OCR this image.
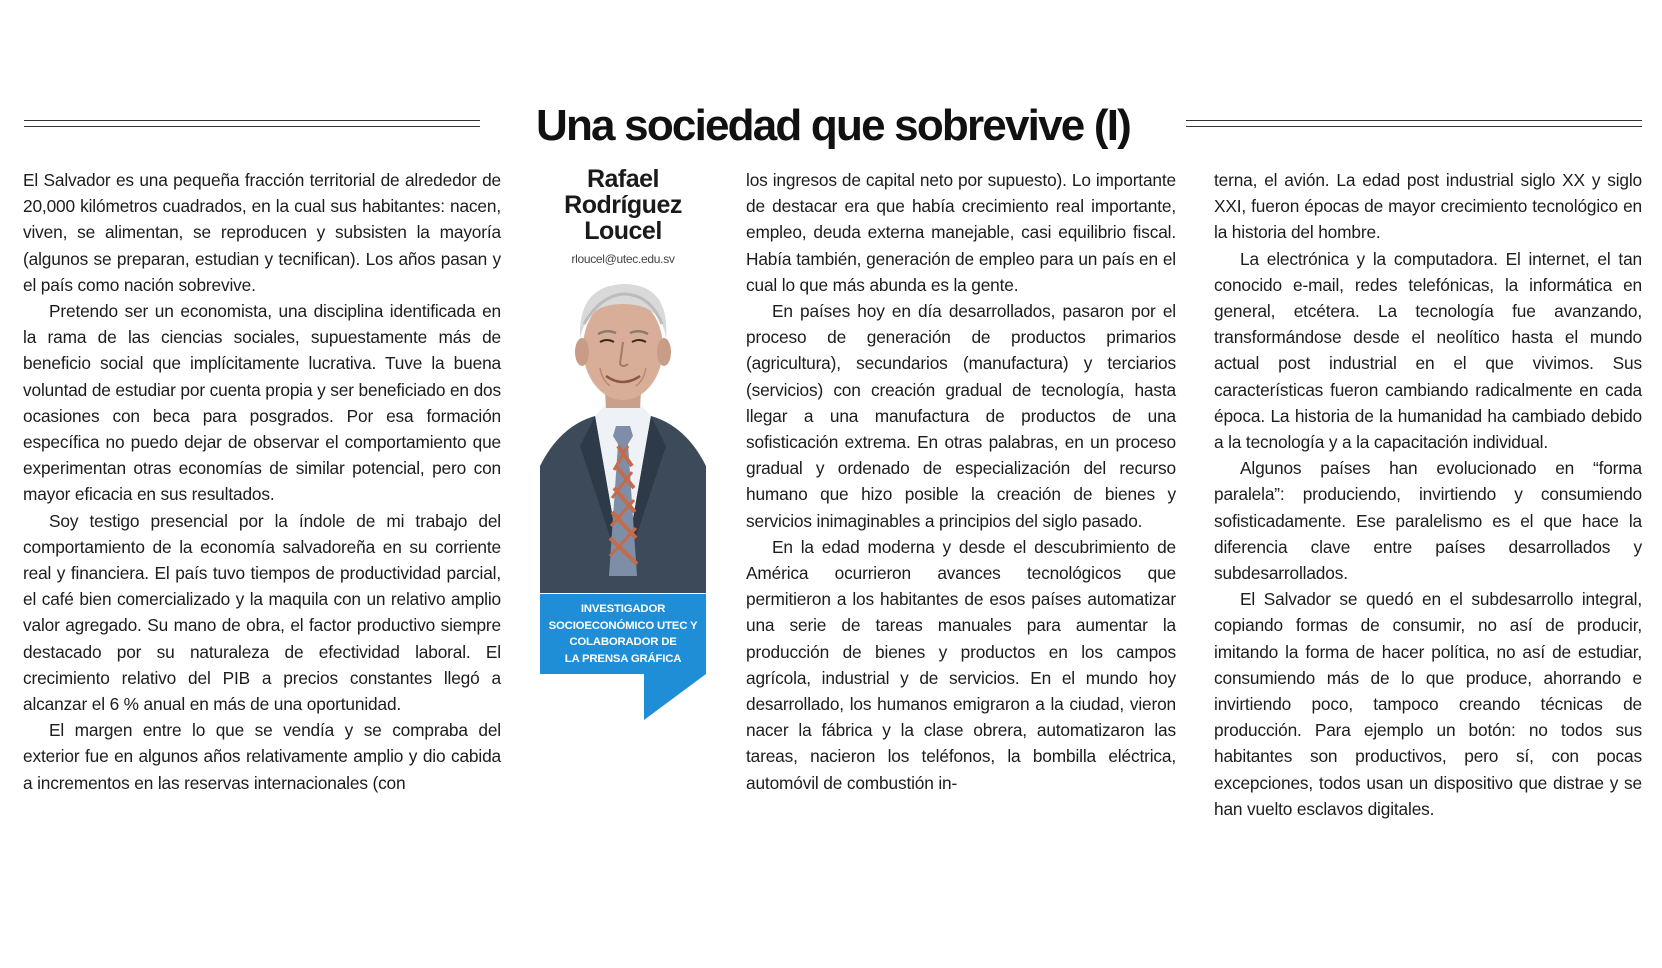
Una sociedad que sobrevive (I)

El Salvador es una pequeña fracción territorial de alrededor de 20,000 kilómetros cuadrados, en la cual sus habitantes: nacen, viven, se alimentan, se reproducen y subsisten la mayoría (algunos se preparan, estudian y tecnifican). Los años pasan y el país como nación sobrevive.

Pretendo ser un economista, una disciplina identificada en la rama de las ciencias sociales, supuestamente más de beneficio social que implícitamente lucrativa. Tuve la buena voluntad de estudiar por cuenta propia y ser beneficiado en dos ocasiones con beca para posgrados. Por esa formación específica no puedo dejar de observar el comportamiento que experimentan otras economías de similar potencial, pero con mayor eficacia en sus resultados.

Soy testigo presencial por la índole de mi trabajo del comportamiento de la economía salvadoreña en su corriente real y financiera. El país tuvo tiempos de productividad parcial, el café bien comercializado y la maquila con un relativo amplio valor agregado. Su mano de obra, el factor productivo siempre destacado por su naturaleza de efectividad laboral. El crecimiento relativo del PIB a precios constantes llegó a alcanzar el 6 % anual en más de una oportunidad.

El margen entre lo que se vendía y se compraba del exterior fue en algunos años relativamente amplio y dio cabida a incrementos en las reservas internacionales (con

Rafael
Rodríguez
Loucel
rloucel@utec.edu.sv
INVESTIGADOR
SOCIOECONÓMICO UTEC Y
COLABORADOR DE
LA PRENSA GRÁFICA

los ingresos de capital neto por supuesto). Lo importante de destacar era que había crecimiento real importante, empleo, deuda externa manejable, casi equilibrio fiscal. Había también, generación de empleo para un país en el cual lo que más abunda es la gente.

En países hoy en día desarrollados, pasaron por el proceso de generación de productos primarios (agricultura), secundarios (manufactura) y terciarios (servicios) con creación gradual de tecnología, hasta llegar a una manufactura de productos de una sofisticación extrema. En otras palabras, en un proceso gradual y ordenado de especialización del recurso humano que hizo posible la creación de bienes y servicios inimaginables a principios del siglo pasado.

En la edad moderna y desde el descubrimiento de América ocurrieron avances tecnológicos que permitieron a los habitantes de esos países automatizar una serie de tareas manuales para aumentar la producción de bienes y productos en los campos agrícola, industrial y de servicios. En el mundo hoy desarrollado, los humanos emigraron a la ciudad, vieron nacer la fábrica y la clase obrera, automatizaron las tareas, nacieron los teléfonos, la bombilla eléctrica, automóvil de combustión in-

terna, el avión. La edad post industrial siglo XX y siglo XXI, fueron épocas de mayor crecimiento tecnológico en la historia del hombre.

La electrónica y la computadora. El internet, el tan conocido e-mail, redes telefónicas, la informática en general, etcétera. La tecnología fue avanzando, transformándose desde el neolítico hasta el mundo actual post industrial en el que vivimos. Sus características fueron cambiando radicalmente en cada época. La historia de la humanidad ha cambiado debido a la tecnología y a la capacitación individual.

Algunos países han evolucionado en “forma paralela”: produciendo, invirtiendo y consumiendo sofisticadamente. Ese paralelismo es el que hace la diferencia clave entre países desarrollados y subdesarrollados.

El Salvador se quedó en el subdesarrollo integral, copiando formas de consumir, no así de producir, imitando la forma de hacer política, no así de estudiar, consumiendo más de lo que produce, ahorrando e invirtiendo poco, tampoco creando técnicas de producción. Para ejemplo un botón: no todos sus habitantes son productivos, pero sí, con pocas excepciones, todos usan un dispositivo que distrae y se han vuelto esclavos digitales.
